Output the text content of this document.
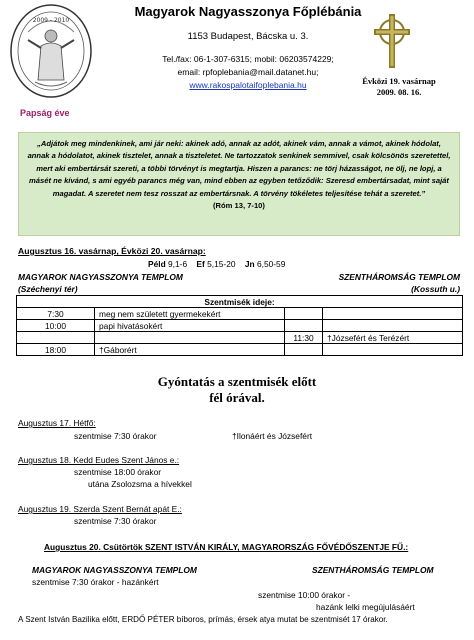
2009 - 2010
Magyarok Nagyasszonya Főplébánia
1153 Budapest, Bácska u. 3.
Tel./fax: 06-1-307-6315; mobil: 06203574229;
email: rpfoplebania@mail.datanet.hu;
www.rakospalotaifoplebania.hu	Évközi 19. vasárnap
2009. 08. 16.
Papság éve
„Adjátok meg mindenkinek, ami jár neki: akinek adó, annak az adót, akinek vám, annak a vámot, akinek hódolat, annak a hódolatot, akinek tisztelet, annak a tiszteletet. Ne tartozzatok senkinek semmivel, csak kölcsönös szeretettel, mert aki embertársát szereti, a többi törvényt is megtartja. Hiszen a parancs: ne törj házasságot, ne ölj, ne lopj, a másét ne kívánd, s ami egyéb parancs még van, mind ebben az egyben tetőződik: Szeresd embertársadat, mint saját magadat. A szeretet nem tesz rosszat az embertársnak. A törvény tökéletes teljesítése tehát a szeretet.”
(Róm 13, 7-10)
Augusztus 16. vasárnap, Évközi 20. vasárnap:
Péld 9,1-6 Ef 5,15-20 Jn 6,50-59
MAGYAROK NAGYASSZONYA TEMPLOM	SZENTHÁROMSÁG TEMPLOM
(Széchenyi tér)	(Kossuth u.)
Szentmisék ideje:			
7:30	meg nem született gyermekekért		
10:00	papi hivatásokért		
		11:30	†Józsefért és Terézért
18:00	†Gáborért		
Gyóntatás a szentmisék előtt
fél órával.
Augusztus 17. Hétfő:
szentmise 7:30 órakor	†Ilonáért és Józsefért
Augusztus 18. Kedd Eudes Szent János e.:
szentmise 18:00 órakor
utána Zsolozsma a hívekkel
Augusztus 19. Szerda Szent Bernát apát E.:
szentmise 7:30 órakor
Augusztus 20. Csütörtök SZENT ISTVÁN KIRÁLY, MAGYARORSZÁG FŐVÉDŐSZENTJE FŰ.:
MAGYAROK NAGYASSZONYA TEMPLOM	SZENTHÁROMSÁG TEMPLOM
szentmise 7:30 órakor - hazánkért
szentmise 10:00 órakor -
hazánk lelki megújulásáért
A Szent István Bazilika előtt, ERDŐ PÉTER bíboros, prímás, érsek atya mutat be szentmisét 17 órakor.
